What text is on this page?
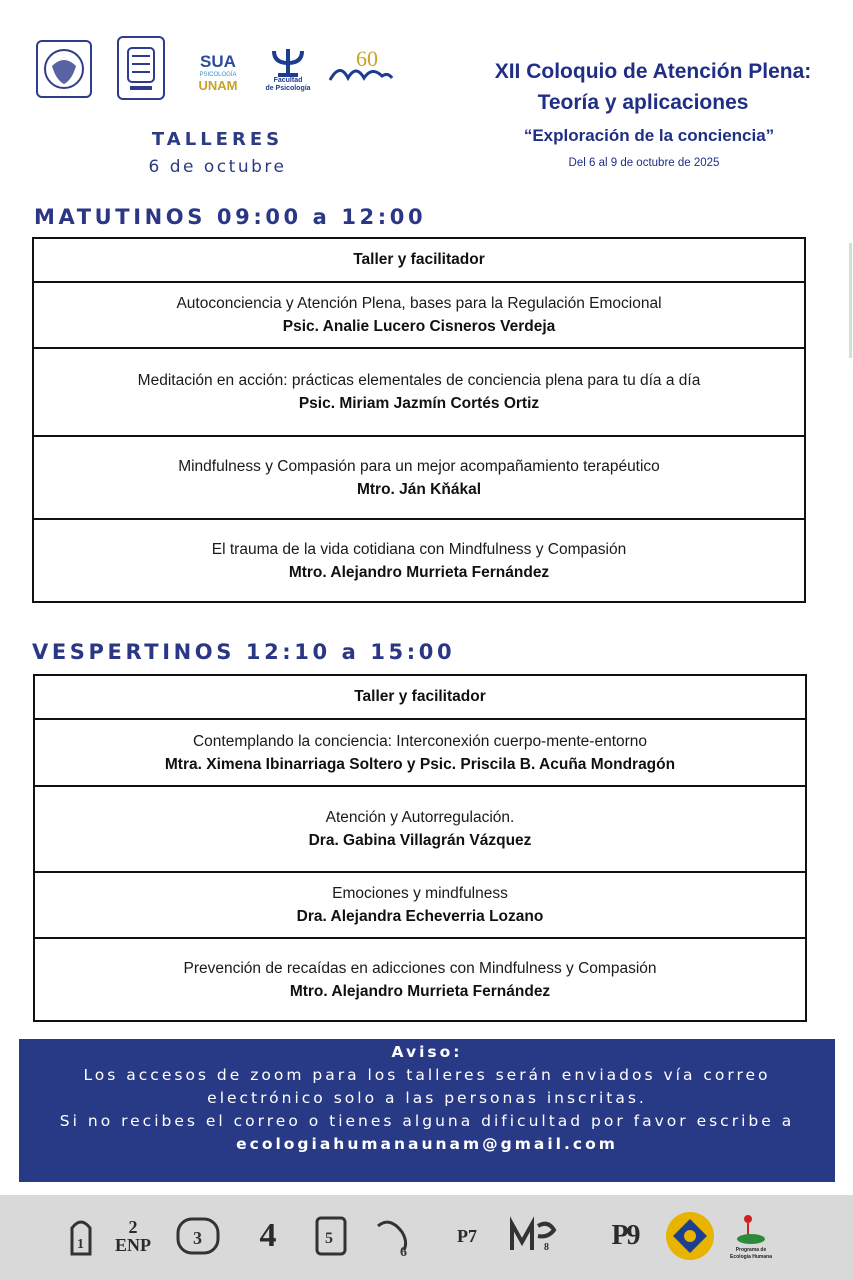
SUA
PSICOLOGÍA
UNAM	Facultad
de Psicología
60
XII Coloquio de Atención Plena:
Teoría y aplicaciones
“Exploración de la conciencia”
Del 6 al 9 de octubre de 2025
TALLERES
6 de octubre
MATUTINOS 09:00 a 12:00
Taller y facilitador

Autoconciencia y Atención Plena, bases para la Regulación Emocional
Psic. Analie Lucero Cisneros Verdeja

Meditación en acción: prácticas elementales de conciencia plena para tu día a día
Psic. Miriam Jazmín Cortés Ortiz

Mindfulness y Compasión para un mejor acompañamiento terapéutico
Mtro. Ján Kňákal

El trauma de la vida cotidiana con Mindfulness y Compasión
Mtro. Alejandro Murrieta Fernández
VESPERTINOS 12:10 a 15:00
Taller y facilitador

Contemplando la conciencia: Interconexión cuerpo-mente-entorno
Mtra. Ximena Ibinarriaga Soltero y Psic. Priscila B. Acuña Mondragón

Atención y Autorregulación.
Dra. Gabina Villagrán Vázquez

Emociones y mindfulness
Dra. Alejandra Echeverria Lozano

Prevención de recaídas en adicciones con Mindfulness y Compasión
Mtro. Alejandro Murrieta Fernández
Aviso:
Los accesos de zoom para los talleres serán enviados vía correo
electrónico solo a las personas inscritas.
Si no recibes el correo o tienes alguna dificultad por favor escribe a
ecologiahumanaunam@gmail.com
1
2 ENP 3	4	5
6
P7
8	P9	Programa de
Ecología Humana
